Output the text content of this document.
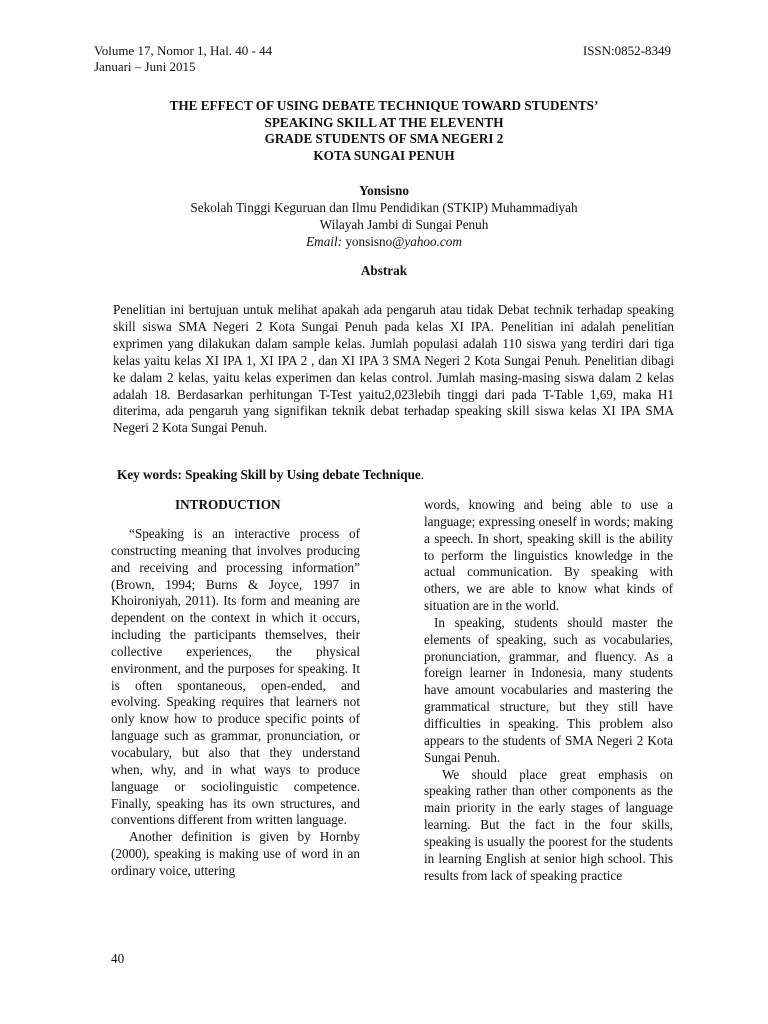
Volume 17, Nomor 1, Hal. 40 - 44
Januari – Juni 2015
ISSN:0852-8349
THE EFFECT OF USING DEBATE TECHNIQUE TOWARD STUDENTS’
SPEAKING SKILL AT THE ELEVENTH
GRADE STUDENTS OF SMA NEGERI 2
KOTA SUNGAI PENUH
Yonsisno
Sekolah Tinggi Keguruan dan Ilmu Pendidikan (STKIP) Muhammadiyah
Wilayah Jambi di Sungai Penuh
Email: yonsisno@yahoo.com
Abstrak
Penelitian ini bertujuan untuk melihat apakah ada pengaruh atau tidak Debat technik terhadap speaking skill siswa SMA Negeri 2 Kota Sungai Penuh pada kelas XI IPA. Penelitian ini adalah penelitian exprimen yang dilakukan dalam sample kelas. Jumlah populasi adalah 110 siswa yang terdiri dari tiga kelas yaitu kelas XI IPA 1, XI IPA 2 , dan XI IPA 3 SMA Negeri 2 Kota Sungai Penuh. Penelitian dibagi ke dalam 2 kelas, yaitu kelas experimen dan kelas control. Jumlah masing-masing siswa dalam 2 kelas adalah 18. Berdasarkan perhitungan T-Test yaitu2,023lebih tinggi dari pada T-Table 1,69, maka H1 diterima, ada pengaruh yang signifikan teknik debat terhadap speaking skill siswa kelas XI IPA SMA Negeri 2 Kota Sungai Penuh.
Key words: Speaking Skill by Using debate Technique.
INTRODUCTION

“Speaking is an interactive process of constructing meaning that involves producing and receiving and processing information” (Brown, 1994; Burns & Joyce, 1997 in Khoironiyah, 2011). Its form and meaning are dependent on the context in which it occurs, including the participants themselves, their collective experiences, the physical environment, and the purposes for speaking. It is often spontaneous, open-ended, and evolving. Speaking requires that learners not only know how to produce specific points of language such as grammar, pronunciation, or vocabulary, but also that they understand when, why, and in what ways to produce language or sociolinguistic competence. Finally, speaking has its own structures, and conventions different from written language.

Another definition is given by Hornby (2000), speaking is making use of word in an ordinary voice, uttering

words, knowing and being able to use a language; expressing oneself in words; making a speech. In short, speaking skill is the ability to perform the linguistics knowledge in the actual communication. By speaking with others, we are able to know what kinds of situation are in the world.

In speaking, students should master the elements of speaking, such as vocabularies, pronunciation, grammar, and fluency. As a foreign learner in Indonesia, many students have amount vocabularies and mastering the grammatical structure, but they still have difficulties in speaking. This problem also appears to the students of SMA Negeri 2 Kota Sungai Penuh.

We should place great emphasis on speaking rather than other components as the main priority in the early stages of language learning. But the fact in the four skills, speaking is usually the poorest for the students in learning English at senior high school. This results from lack of speaking practice

40
